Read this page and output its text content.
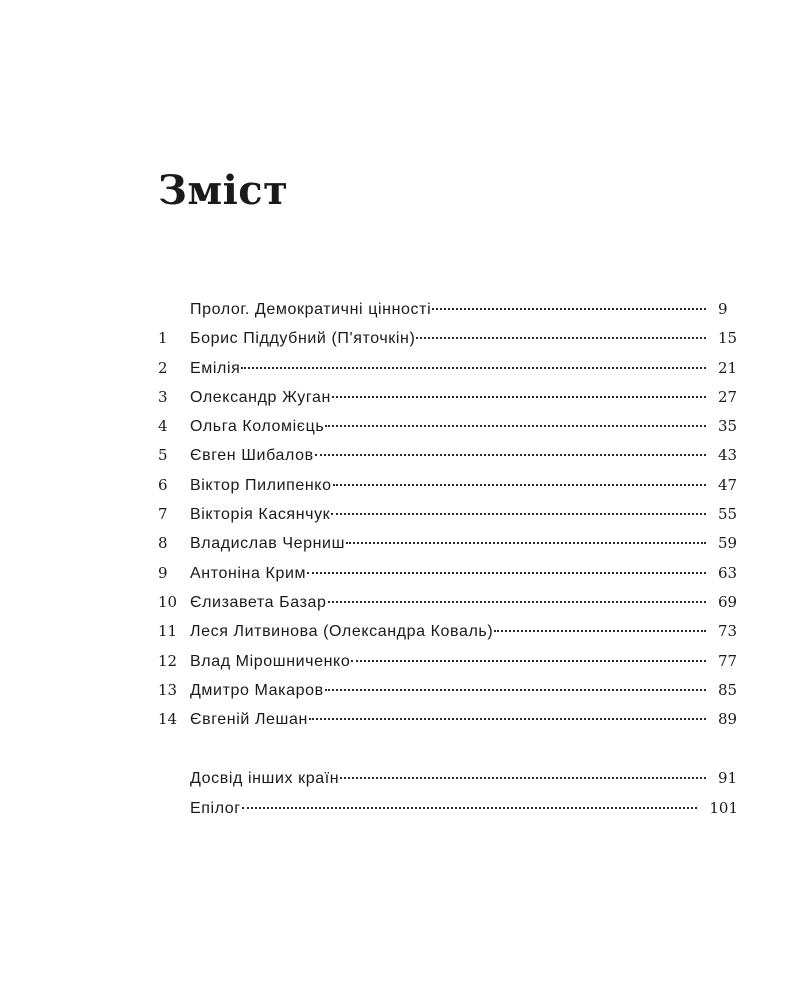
Зміст
Пролог. Демократичні цінності	9
1	Борис Піддубний (П'яточкін)	15
2	Емілія	21
3	Олександр Жуган	27
4	Ольга Коломієць	35
5	Євген Шибалов	43
6	Віктор Пилипенко	47
7	Вікторія Касянчук	55
8	Владислав Черниш	59
9	Антоніна Крим	63
10 Єлизавета Базар	69
11 Леся Литвинова (Олександра Коваль)	73
12 Влад Мірошниченко	77
13 Дмитро Макаров	85
14 Євгеній Лешан	89
Досвід інших країн	91
Епілог	101
